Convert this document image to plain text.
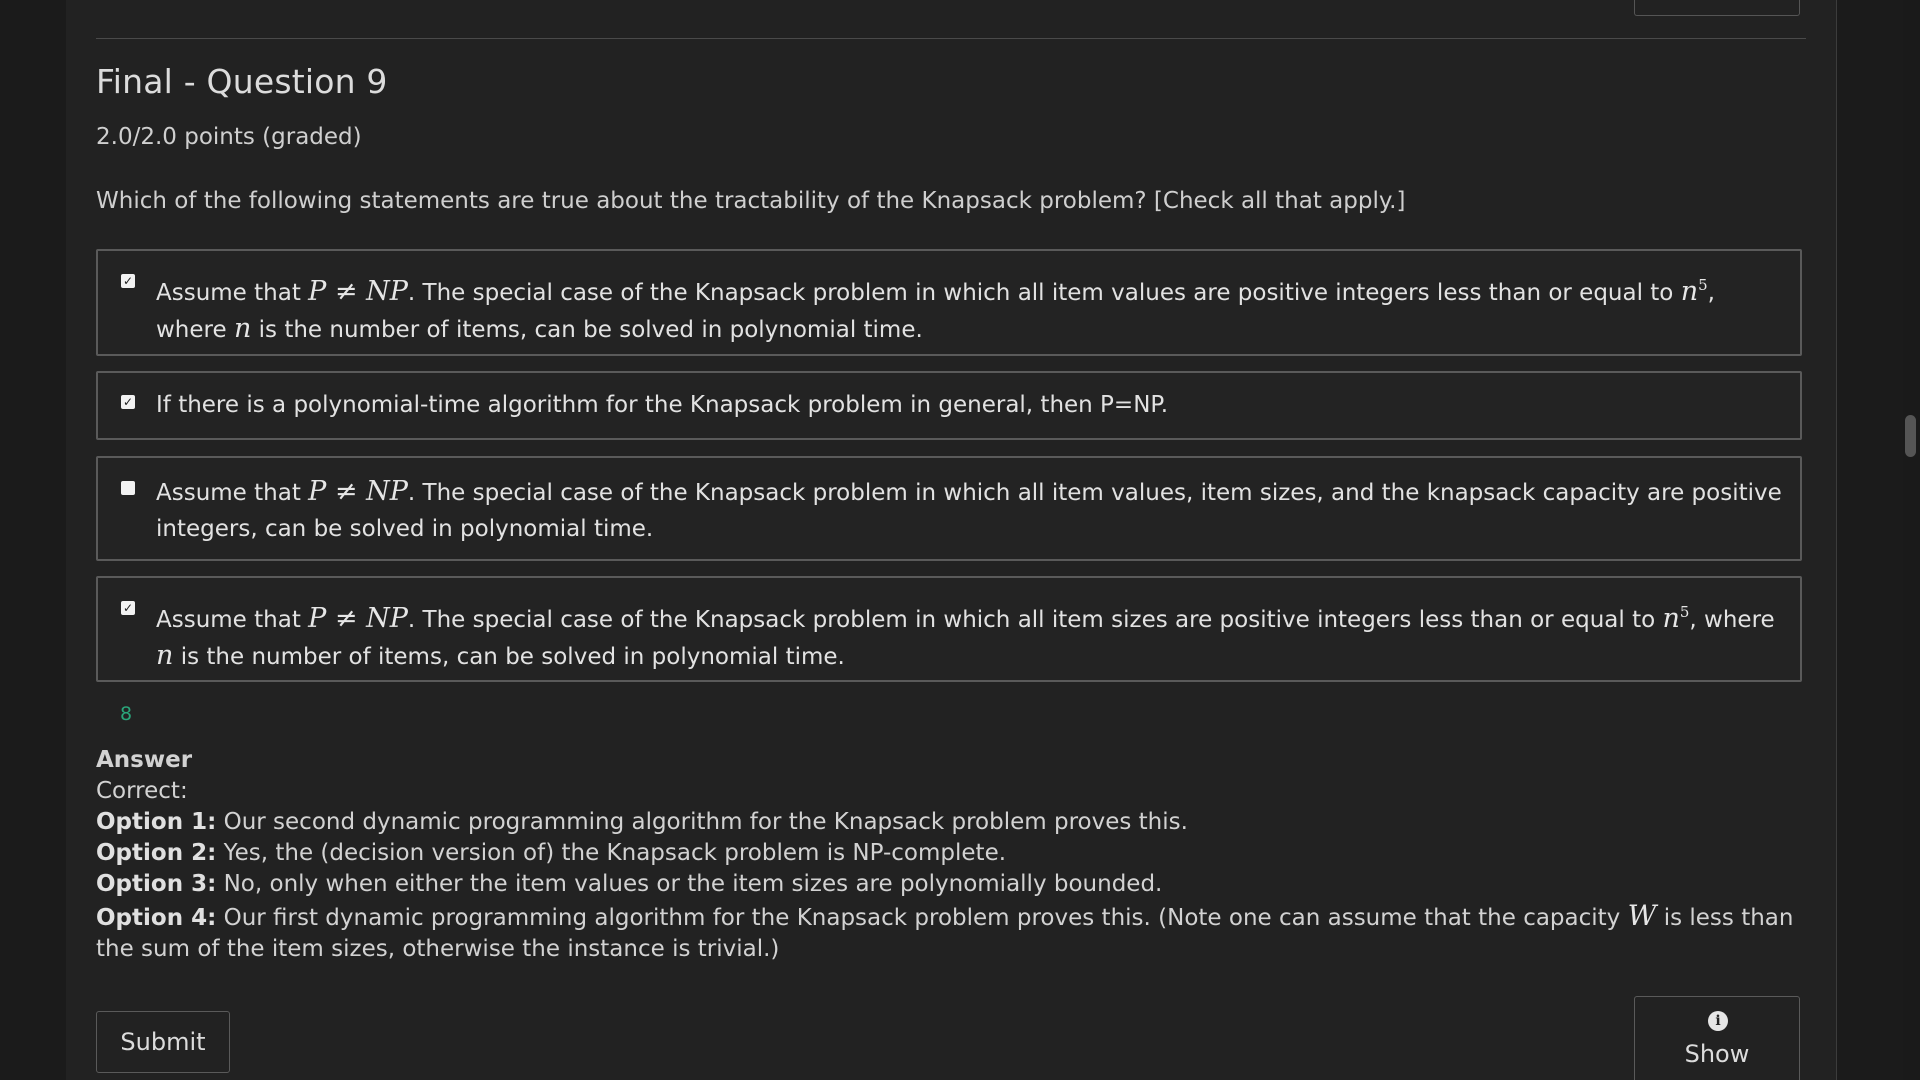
Final - Question 9
2.0/2.0 points (graded)
Which of the following statements are true about the tractability of the Knapsack problem? [Check all that apply.]
✓ Assume that P ≠ NP. The special case of the Knapsack problem in which all item values are positive integers less than or equal to $n^5$, where n is the number of items, can be solved in polynomial time.
✓ If there is a polynomial-time algorithm for the Knapsack problem in general, then P=NP.
Assume that P ≠ NP. The special case of the Knapsack problem in which all item values, item sizes, and the knapsack capacity are positive integers, can be solved in polynomial time.
✓ Assume that P ≠ NP. The special case of the Knapsack problem in which all item sizes are positive integers less than or equal to $n^5$, where n is the number of items, can be solved in polynomial time.
8
Answer
Correct:
Option 1: Our second dynamic programming algorithm for the Knapsack problem proves this.
Option 2: Yes, the (decision version of) the Knapsack problem is NP-complete.
Option 3: No, only when either the item values or the item sizes are polynomially bounded.
Option 4: Our first dynamic programming algorithm for the Knapsack problem proves this. (Note one can assume that the capacity W is less than the sum of the item sizes, otherwise the instance is trivial.)
Submit
i
Show
